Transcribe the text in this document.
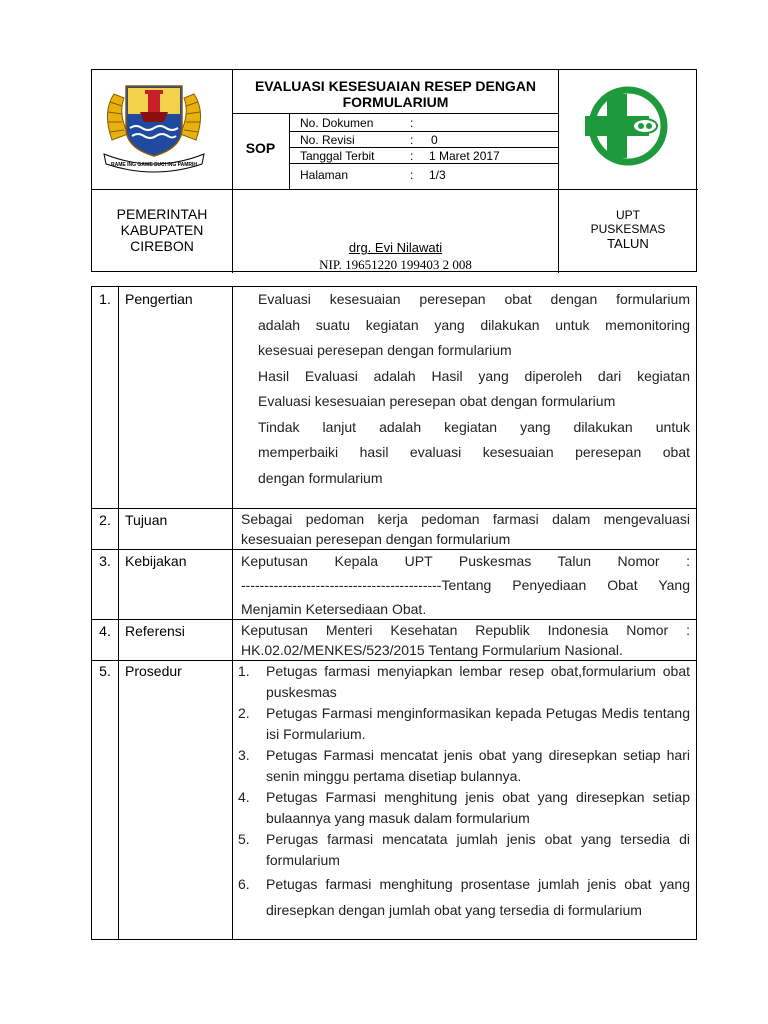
RAME ING GAWE SUCI ING PAMRIH
EVALUASI KESESUAIAN RESEP DENGAN FORMULARIUM
SOP
No. Dokumen	:
No. Revisi	: 0
Tanggal Terbit	: 1 Maret 2017
Halaman	: 1/3
PEMERINTAH
KABUPATEN
CIREBON	drg. Evi Nilawati
NIP. 19651220 199403 2 008
UPT
PUSKESMAS
TALUN
1.	Pengertian	Evaluasi kesesuaian peresepan obat dengan formularium

adalah suatu kegiatan yang dilakukan untuk memonitoring

kesesuai peresepan dengan formularium

Hasil Evaluasi adalah Hasil yang diperoleh dari kegiatan

Evaluasi kesesuaian peresepan obat dengan formularium

Tindak lanjut adalah kegiatan yang dilakukan untuk

memperbaiki hasil evaluasi kesesuaian peresepan obat

dengan formularium

2.	Tujuan	Sebagai pedoman kerja pedoman farmasi dalam mengevaluasi

kesesuaian peresepan dengan formularium

3.	Kebijakan	Keputusan Kepala UPT Puskesmas Talun Nomor :

-------------------------------------------Tentang Penyediaan Obat Yang

Menjamin Ketersediaan Obat.

4.	Referensi	Keputusan Menteri Kesehatan Republik Indonesia Nomor :

HK.02.02/MENKES/523/2015 Tentang Formularium Nasional.

5.	Prosedur	1. Petugas farmasi menyiapkan lembar resep obat,formularium obat puskesmas
2. Petugas Farmasi menginformasikan kepada Petugas Medis tentang isi Formularium.
3. Petugas Farmasi mencatat jenis obat yang diresepkan setiap hari senin minggu pertama disetiap bulannya.
4. Petugas Farmasi menghitung jenis obat yang diresepkan setiap bulaannya yang masuk dalam formularium
5. Perugas farmasi mencatata jumlah jenis obat yang tersedia di formularium
6. Petugas farmasi menghitung prosentase jumlah jenis obat yang diresepkan dengan jumlah obat yang tersedia di formularium
